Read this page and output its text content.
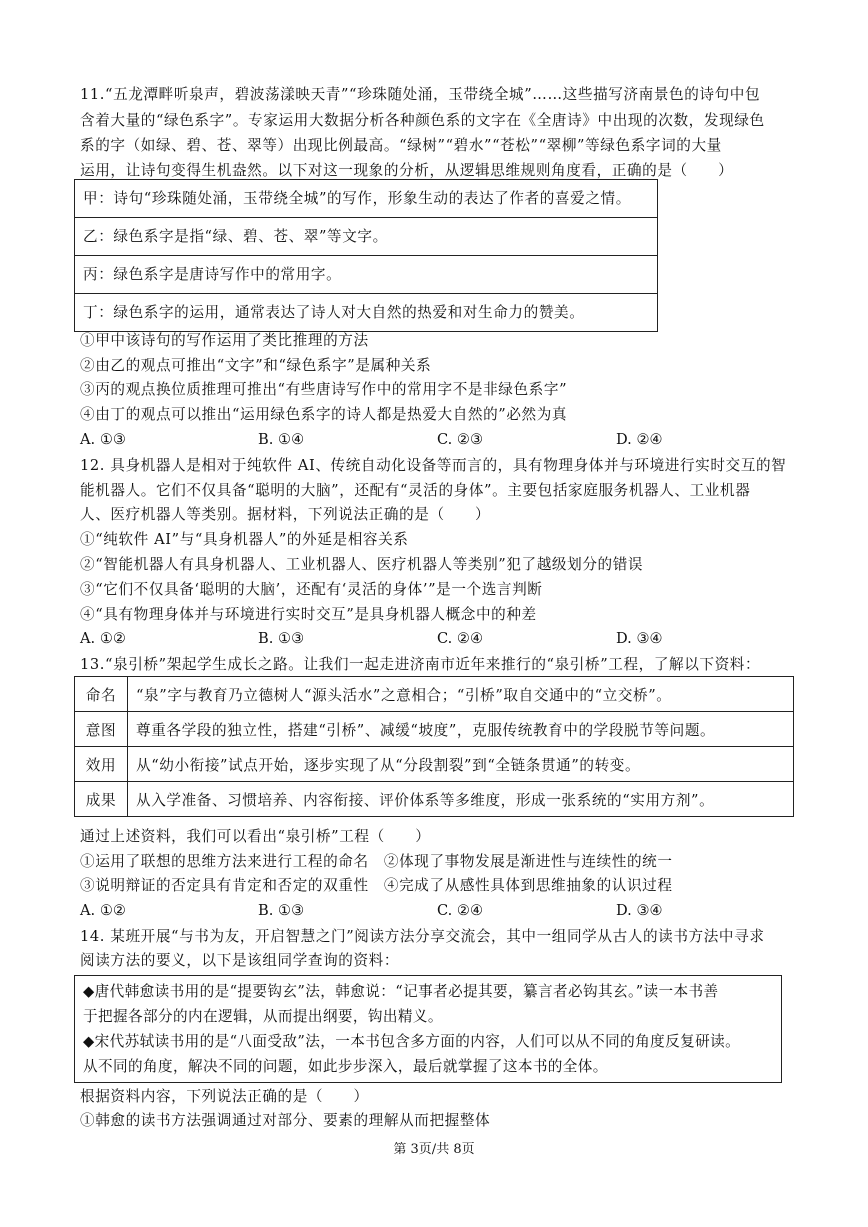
11.“五龙潭畔听泉声，碧波荡漾映天青”“珍珠随处涌，玉带绕全城”……这些描写济南景色的诗句中包
含着大量的“绿色系字”。专家运用大数据分析各种颜色系的文字在《全唐诗》中出现的次数，发现绿色
系的字（如绿、碧、苍、翠等）出现比例最高。“绿树”“碧水”“苍松”“翠柳”等绿色系字词的大量
运用，让诗句变得生机盎然。以下对这一现象的分析，从逻辑思维规则角度看，正确的是（　　）
甲：诗句“珍珠随处涌，玉带绕全城”的写作，形象生动的表达了作者的喜爱之情。
乙：绿色系字是指“绿、碧、苍、翠”等文字。
丙：绿色系字是唐诗写作中的常用字。
丁：绿色系字的运用，通常表达了诗人对大自然的热爱和对生命力的赞美。
①甲中该诗句的写作运用了类比推理的方法
②由乙的观点可推出“文字”和“绿色系字”是属种关系
③丙的观点换位质推理可推出“有些唐诗写作中的常用字不是非绿色系字”
④由丁的观点可以推出“运用绿色系字的诗人都是热爱大自然的”必然为真
A. ①③	B. ①④	C. ②③	D. ②④
12. 具身机器人是相对于纯软件 AI、传统自动化设备等而言的，具有物理身体并与环境进行实时交互的智
能机器人。它们不仅具备“聪明的大脑”，还配有“灵活的身体”。主要包括家庭服务机器人、工业机器
人、医疗机器人等类别。据材料，下列说法正确的是（　　）
①“纯软件 AI”与“具身机器人”的外延是相容关系
②“智能机器人有具身机器人、工业机器人、医疗机器人等类别”犯了越级划分的错误
③“它们不仅具备‘聪明的大脑’，还配有‘灵活的身体’”是一个选言判断
④“具有物理身体并与环境进行实时交互”是具身机器人概念中的种差
A. ①②	B. ①③	C. ②④	D. ③④
13.“泉引桥”架起学生成长之路。让我们一起走进济南市近年来推行的“泉引桥”工程，了解以下资料：
命名	“泉”字与教育乃立德树人“源头活水”之意相合；“引桥”取自交通中的“立交桥”。
意图	尊重各学段的独立性，搭建“引桥”、减缓“坡度”，克服传统教育中的学段脱节等问题。
效用	从“幼小衔接”试点开始，逐步实现了从“分段割裂”到“全链条贯通”的转变。
成果	从入学准备、习惯培养、内容衔接、评价体系等多维度，形成一张系统的“实用方剂”。
通过上述资料，我们可以看出“泉引桥”工程（　　）
①运用了联想的思维方法来进行工程的命名　②体现了事物发展是渐进性与连续性的统一
③说明辩证的否定具有肯定和否定的双重性　④完成了从感性具体到思维抽象的认识过程
A. ①②	B. ①③	C. ②④	D. ③④
14. 某班开展“与书为友，开启智慧之门”阅读方法分享交流会，其中一组同学从古人的读书方法中寻求
阅读方法的要义，以下是该组同学查询的资料：
◆唐代韩愈读书用的是“提要钩玄”法，韩愈说：“记事者必提其要，纂言者必钩其玄。”读一本书善
于把握各部分的内在逻辑，从而提出纲要，钩出精义。
◆宋代苏轼读书用的是“八面受敌”法，一本书包含多方面的内容，人们可以从不同的角度反复研读。
从不同的角度，解决不同的问题，如此步步深入，最后就掌握了这本书的全体。
根据资料内容，下列说法正确的是（　　）
①韩愈的读书方法强调通过对部分、要素的理解从而把握整体
第 3页/共 8页
